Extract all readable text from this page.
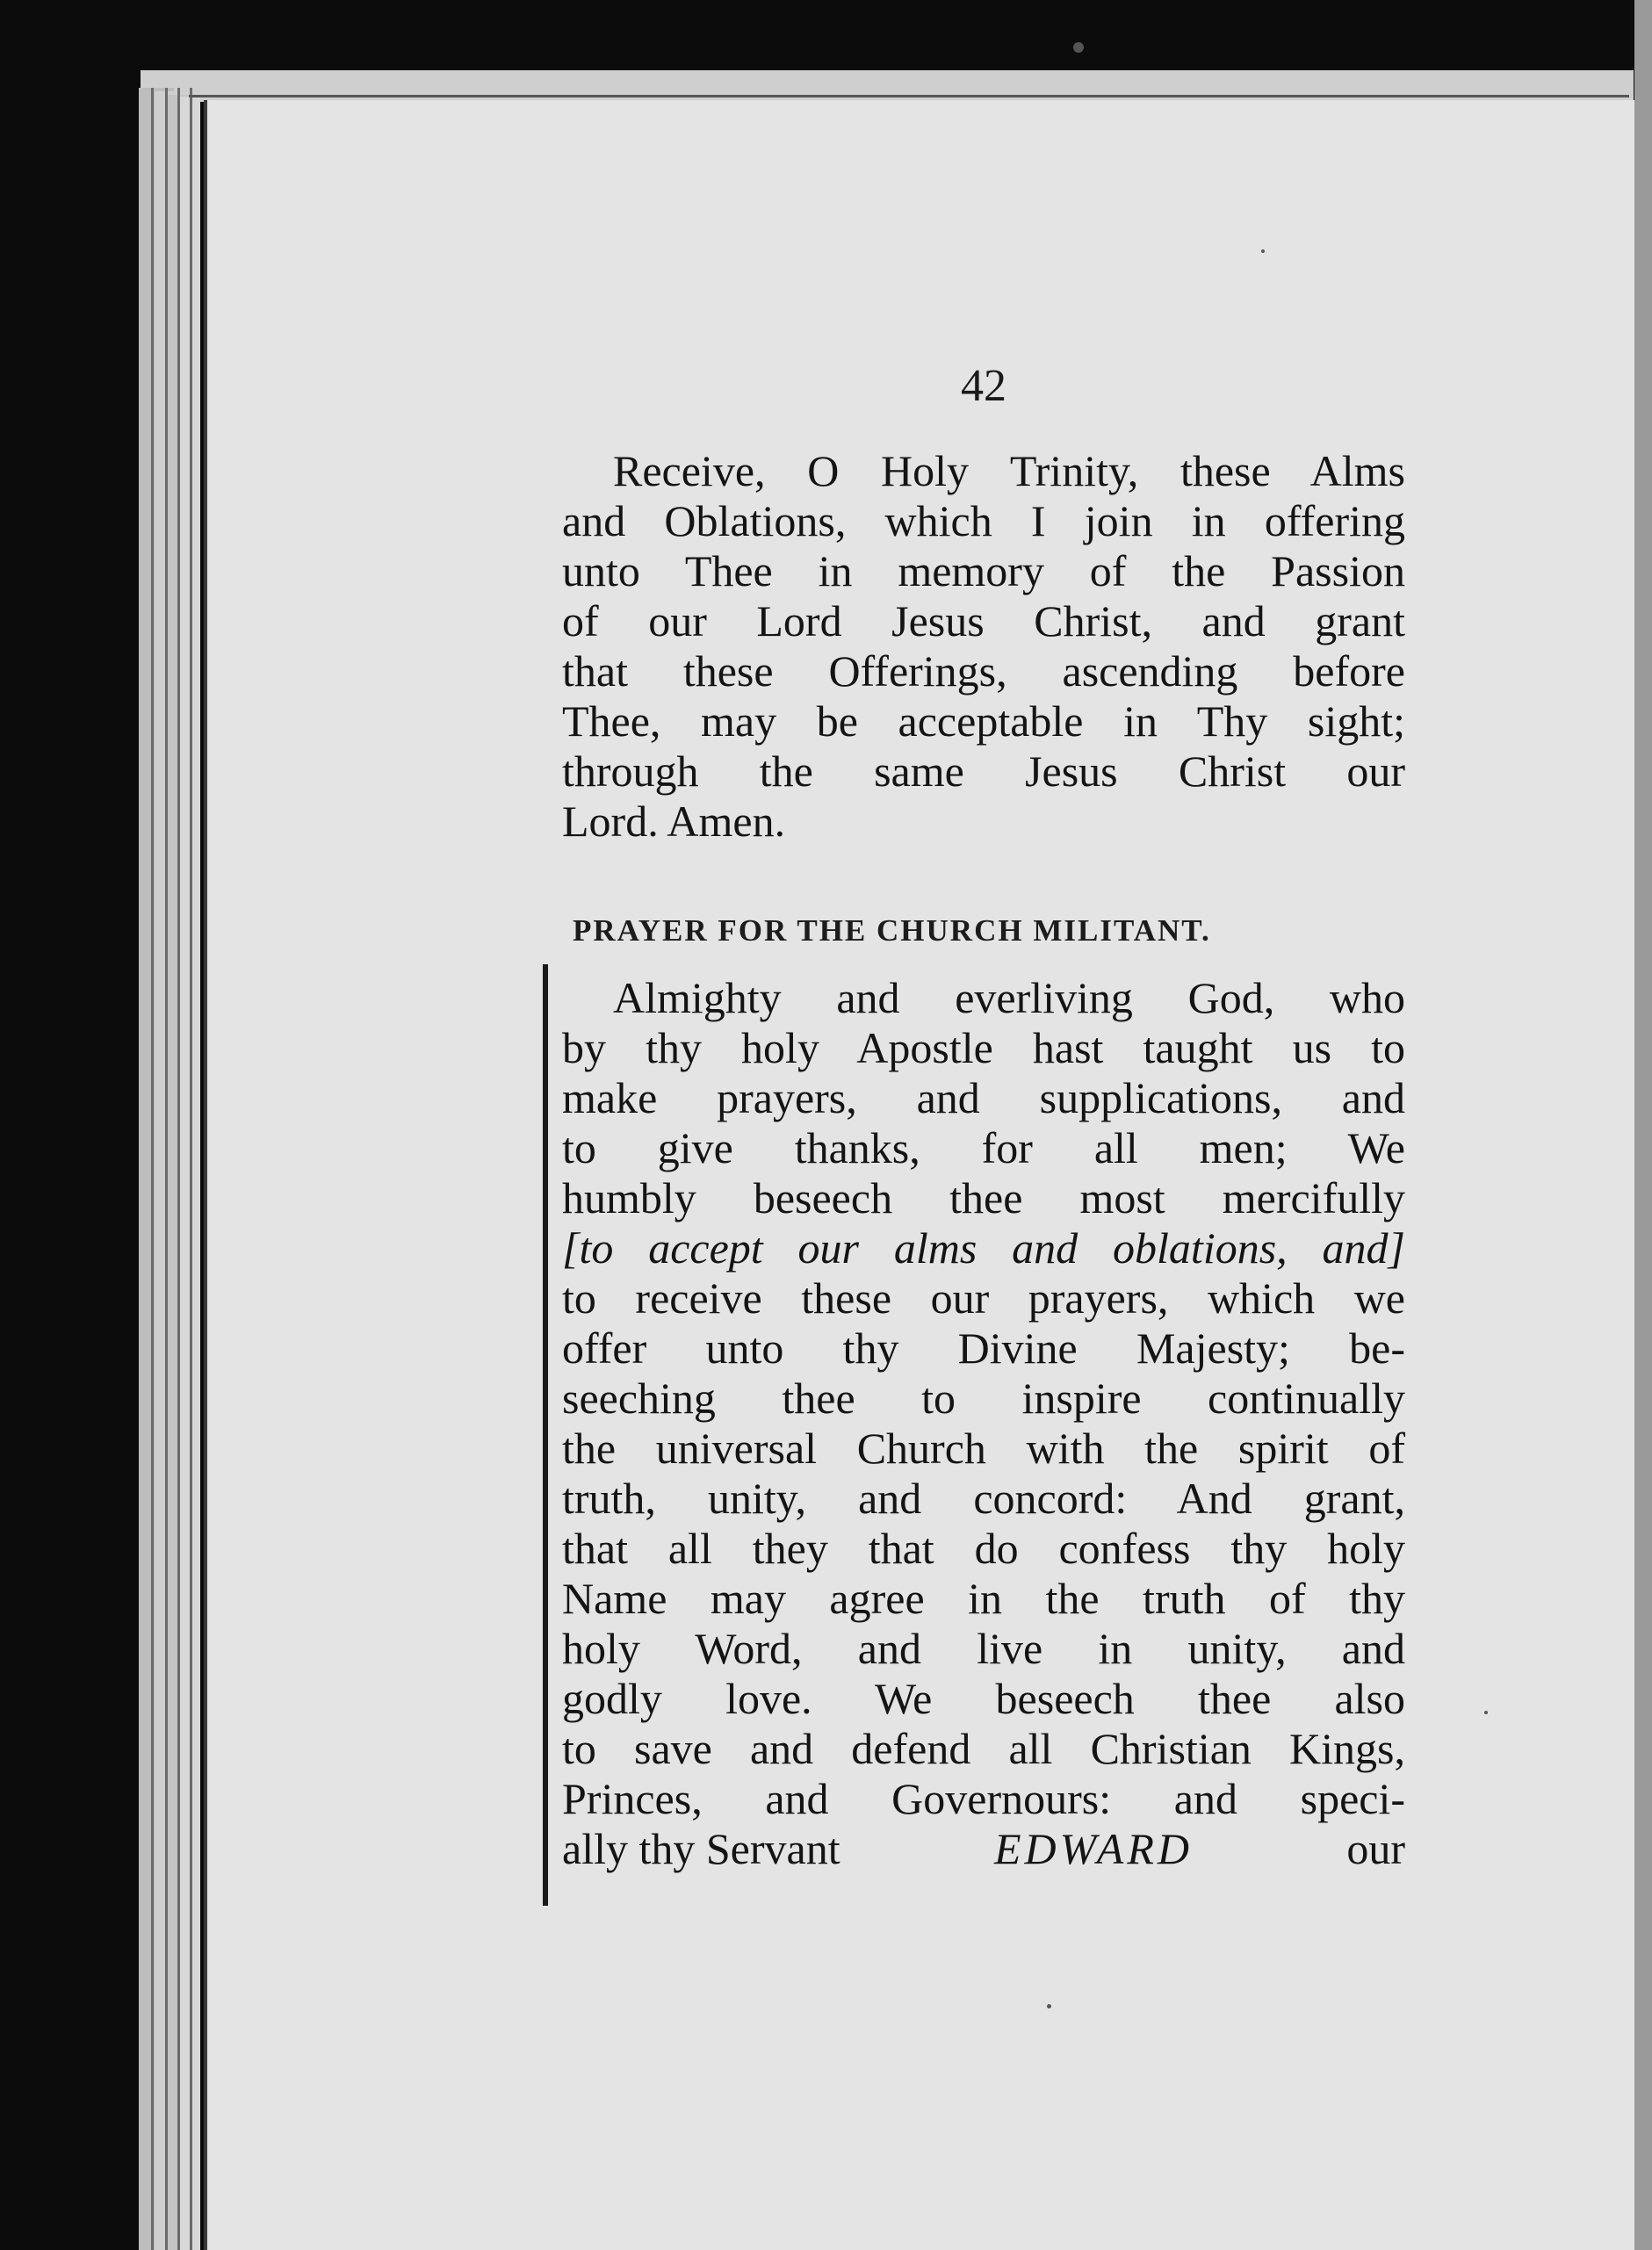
42
Receive, O Holy Trinity, these Alms
and Oblations, which I join in offering
unto Thee in memory of the Passion
of our Lord Jesus Christ, and grant
that these Offerings, ascending before
Thee, may be acceptable in Thy sight;
through the same Jesus Christ our
Lord. Amen.
PRAYER FOR THE CHURCH MILITANT.
Almighty and everliving God, who
by thy holy Apostle hast taught us to
make prayers, and supplications, and
to give thanks, for all men; We
humbly beseech thee most mercifully
[to accept our alms and oblations, and]
to receive these our prayers, which we
offer unto thy Divine Majesty; be-
seeching thee to inspire continually
the universal Church with the spirit of
truth, unity, and concord: And grant,
that all they that do confess thy holy
Name may agree in the truth of thy
holy Word, and live in unity, and
godly love. We beseech thee also
to save and defend all Christian Kings,
Princes, and Governours: and speci-
ally thy Servant	EDWARD	our
